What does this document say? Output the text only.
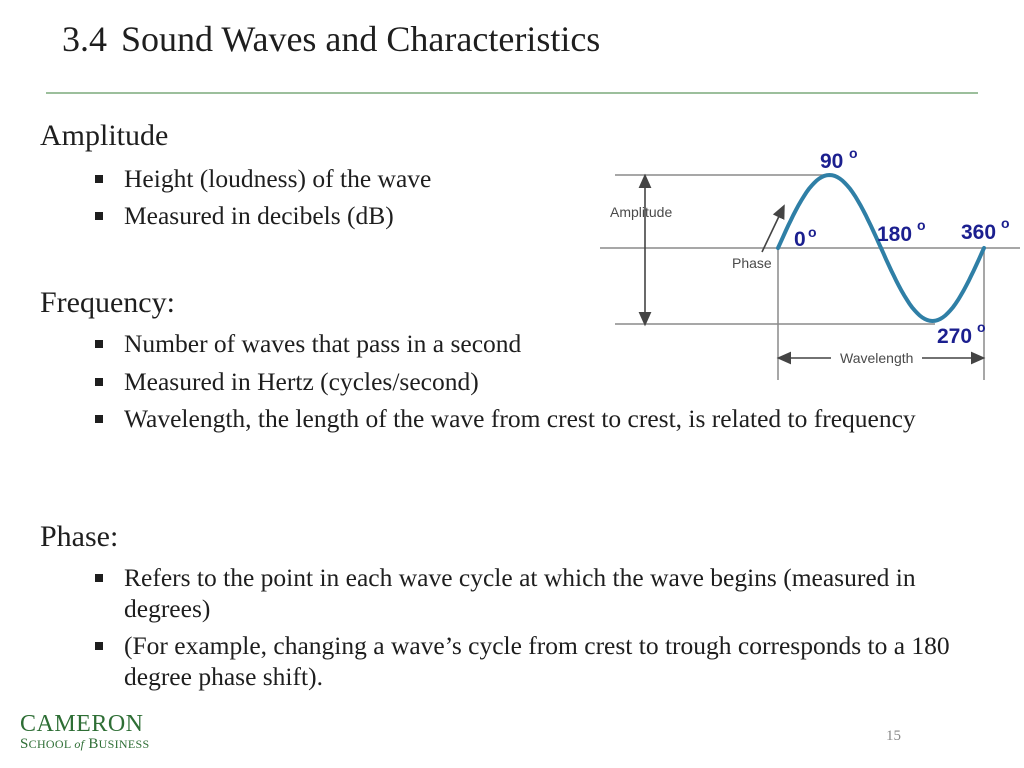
3.4 Sound Waves and Characteristics
Amplitude
Height (loudness) of the wave
Measured in decibels (dB)
Frequency:
Number of waves that pass in a second
Measured in Hertz (cycles/second)
Wavelength, the length of the wave from crest to crest, is related to frequency
Phase:
Refers to the point in each wave cycle at which the wave begins (measured in degrees)
(For example, changing a wave’s cycle from crest to trough corresponds to a 180 degree phase shift).
Amplitude
Phase
Wavelength
90 o
0 o	180 o 360 o
270 o
CAMERON
SCHOOL of BUSINESS	15
